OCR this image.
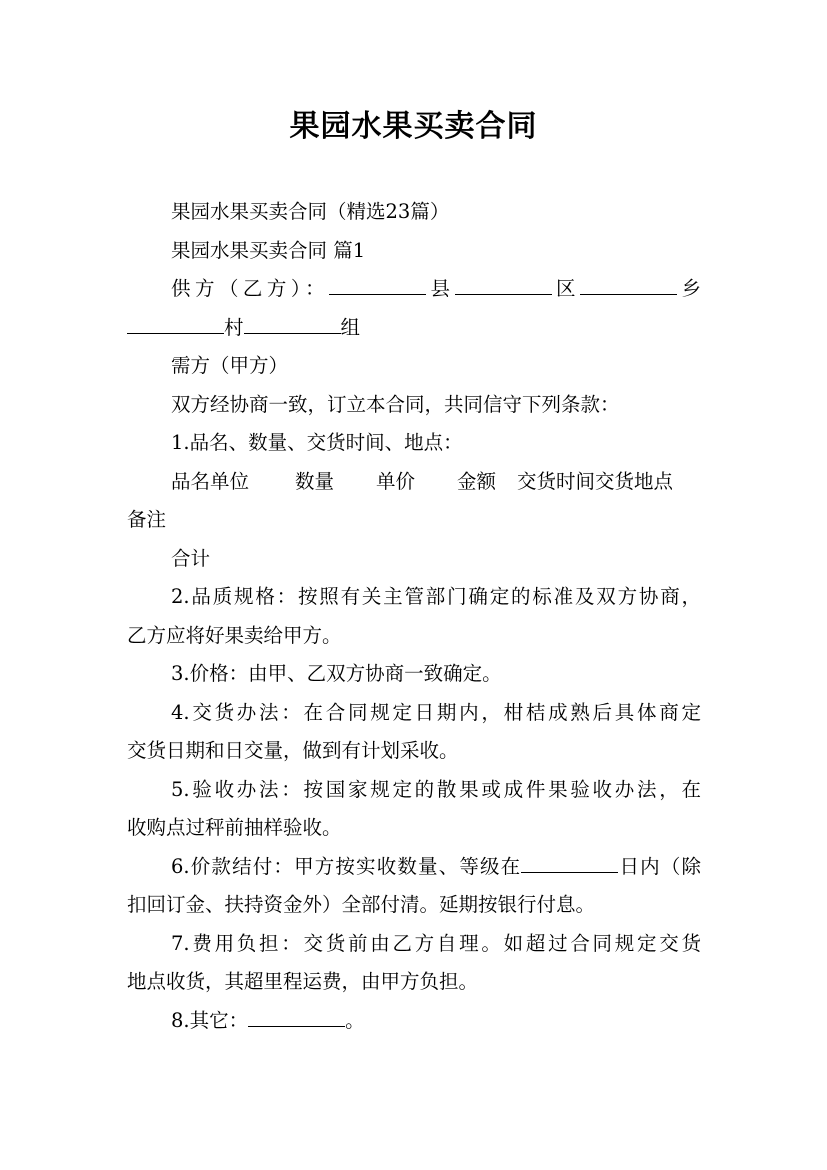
果园水果买卖合同
果园水果买卖合同（精选23篇）
果园水果买卖合同 篇1
供方（乙方）：	县	区	乡
村	组
需方（甲方）
双方经协商一致，订立本合同，共同信守下列条款：
1.品名、数量、交货时间、地点：
品名单位 数量 单价 金额 交货时间交货地点
备注
合计
2.品质规格：按照有关主管部门确定的标准及双方协商，
乙方应将好果卖给甲方。
3.价格：由甲、乙双方协商一致确定。
4.交货办法：在合同规定日期内，柑桔成熟后具体商定
交货日期和日交量，做到有计划采收。
5.验收办法：按国家规定的散果或成件果验收办法，在
收购点过秤前抽样验收。
6.价款结付：甲方按实收数量、等级在	日内（除
扣回订金、扶持资金外）全部付清。延期按银行付息。
7.费用负担：交货前由乙方自理。如超过合同规定交货
地点收货，其超里程运费，由甲方负担。
8.其它：	。
